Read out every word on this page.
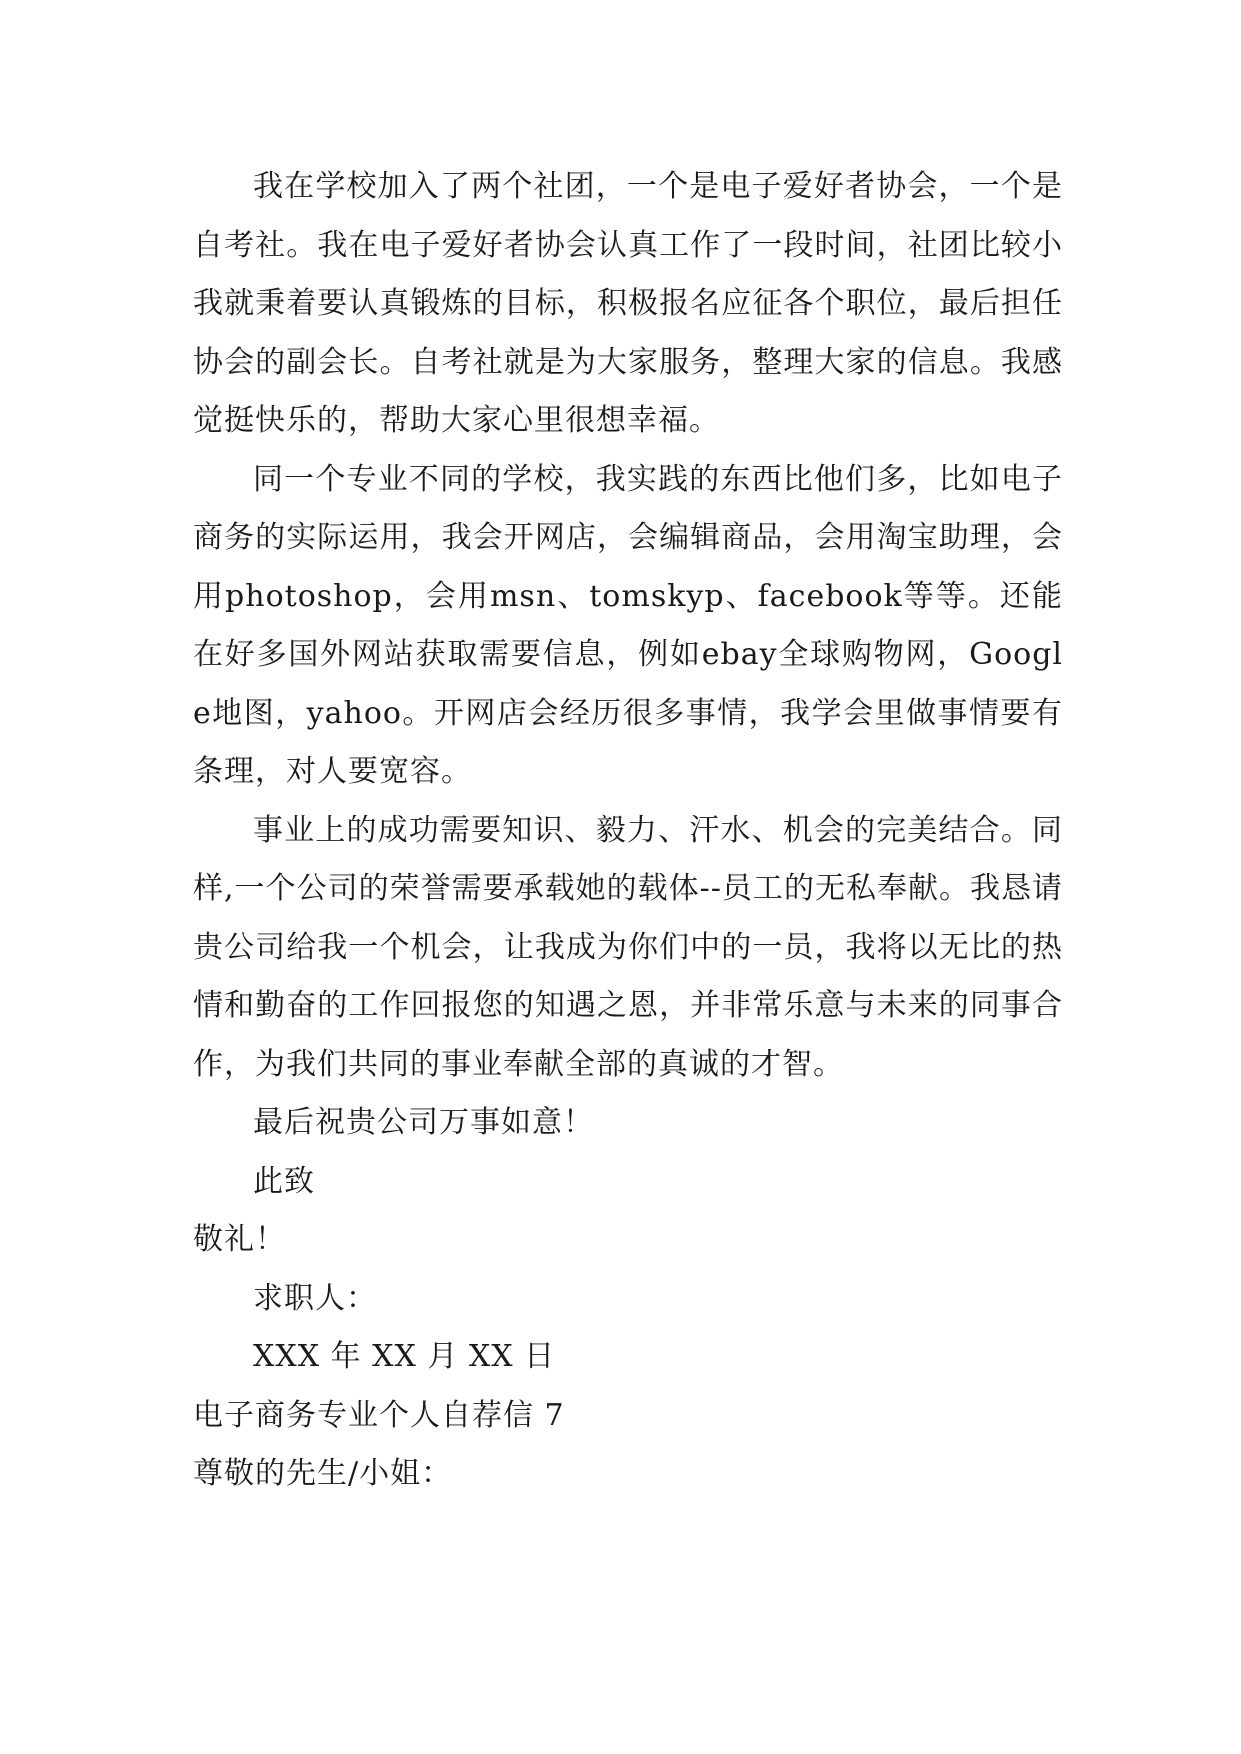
我在学校加入了两个社团，一个是电子爱好者协会，一个是自考社。我在电子爱好者协会认真工作了一段时间，社团比较小我就秉着要认真锻炼的目标，积极报名应征各个职位，最后担任协会的副会长。自考社就是为大家服务，整理大家的信息。我感觉挺快乐的，帮助大家心里很想幸福。

同一个专业不同的学校，我实践的东西比他们多，比如电子商务的实际运用，我会开网店，会编辑商品，会用淘宝助理，会用photoshop，会用msn、tomskyp、facebook等等。还能在好多国外网站获取需要信息，例如ebay全球购物网，Google地图，yahoo。开网店会经历很多事情，我学会里做事情要有条理，对人要宽容。

事业上的成功需要知识、毅力、汗水、机会的完美结合。同样,一个公司的荣誉需要承载她的载体--员工的无私奉献。我恳请贵公司给我一个机会，让我成为你们中的一员，我将以无比的热情和勤奋的工作回报您的知遇之恩，并非常乐意与未来的同事合作，为我们共同的事业奉献全部的真诚的才智。

最后祝贵公司万事如意！

此致

敬礼！

求职人：

XXX 年 XX 月 XX 日

电子商务专业个人自荐信 7

尊敬的先生/小姐：
